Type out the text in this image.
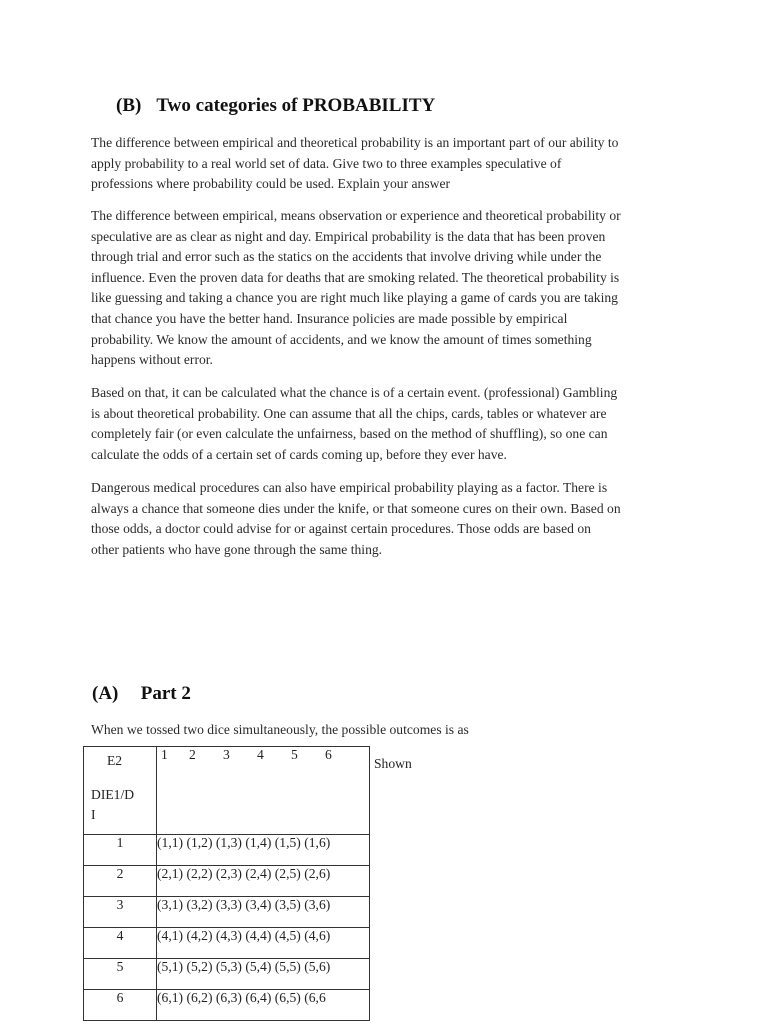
(B) Two categories of PROBABILITY

The difference between empirical and theoretical probability is an important part of our ability to
apply probability to a real world set of data. Give two to three examples speculative of
professions where probability could be used. Explain your answer

The difference between empirical, means observation or experience and theoretical probability or
speculative are as clear as night and day. Empirical probability is the data that has been proven
through trial and error such as the statics on the accidents that involve driving while under the
influence. Even the proven data for deaths that are smoking related. The theoretical probability is
like guessing and taking a chance you are right much like playing a game of cards you are taking
that chance you have the better hand. Insurance policies are made possible by empirical
probability. We know the amount of accidents, and we know the amount of times something
happens without error.

Based on that, it can be calculated what the chance is of a certain event. (professional) Gambling
is about theoretical probability. One can assume that all the chips, cards, tables or whatever are
completely fair (or even calculate the unfairness, based on the method of shuffling), so one can
calculate the odds of a certain set of cards coming up, before they ever have.

Dangerous medical procedures can also have empirical probability playing as a factor. There is
always a chance that someone dies under the knife, or that someone cures on their own. Based on
those odds, a doctor could advise for or against certain procedures. Those odds are based on
other patients who have gone through the same thing.

(A) Part 2

When we tossed two dice simultaneously, the possible outcomes is as

E2
DIE1/D
I	1 2 3 4 5 6
1	(1,1) (1,2) (1,3) (1,4) (1,5) (1,6)
2	(2,1) (2,2) (2,3) (2,4) (2,5) (2,6)
3	(3,1) (3,2) (3,3) (3,4) (3,5) (3,6)
4	(4,1) (4,2) (4,3) (4,4) (4,5) (4,6)
5	(5,1) (5,2) (5,3) (5,4) (5,5) (5,6)
6	(6,1) (6,2) (6,3) (6,4) (6,5) (6,6
Shown
